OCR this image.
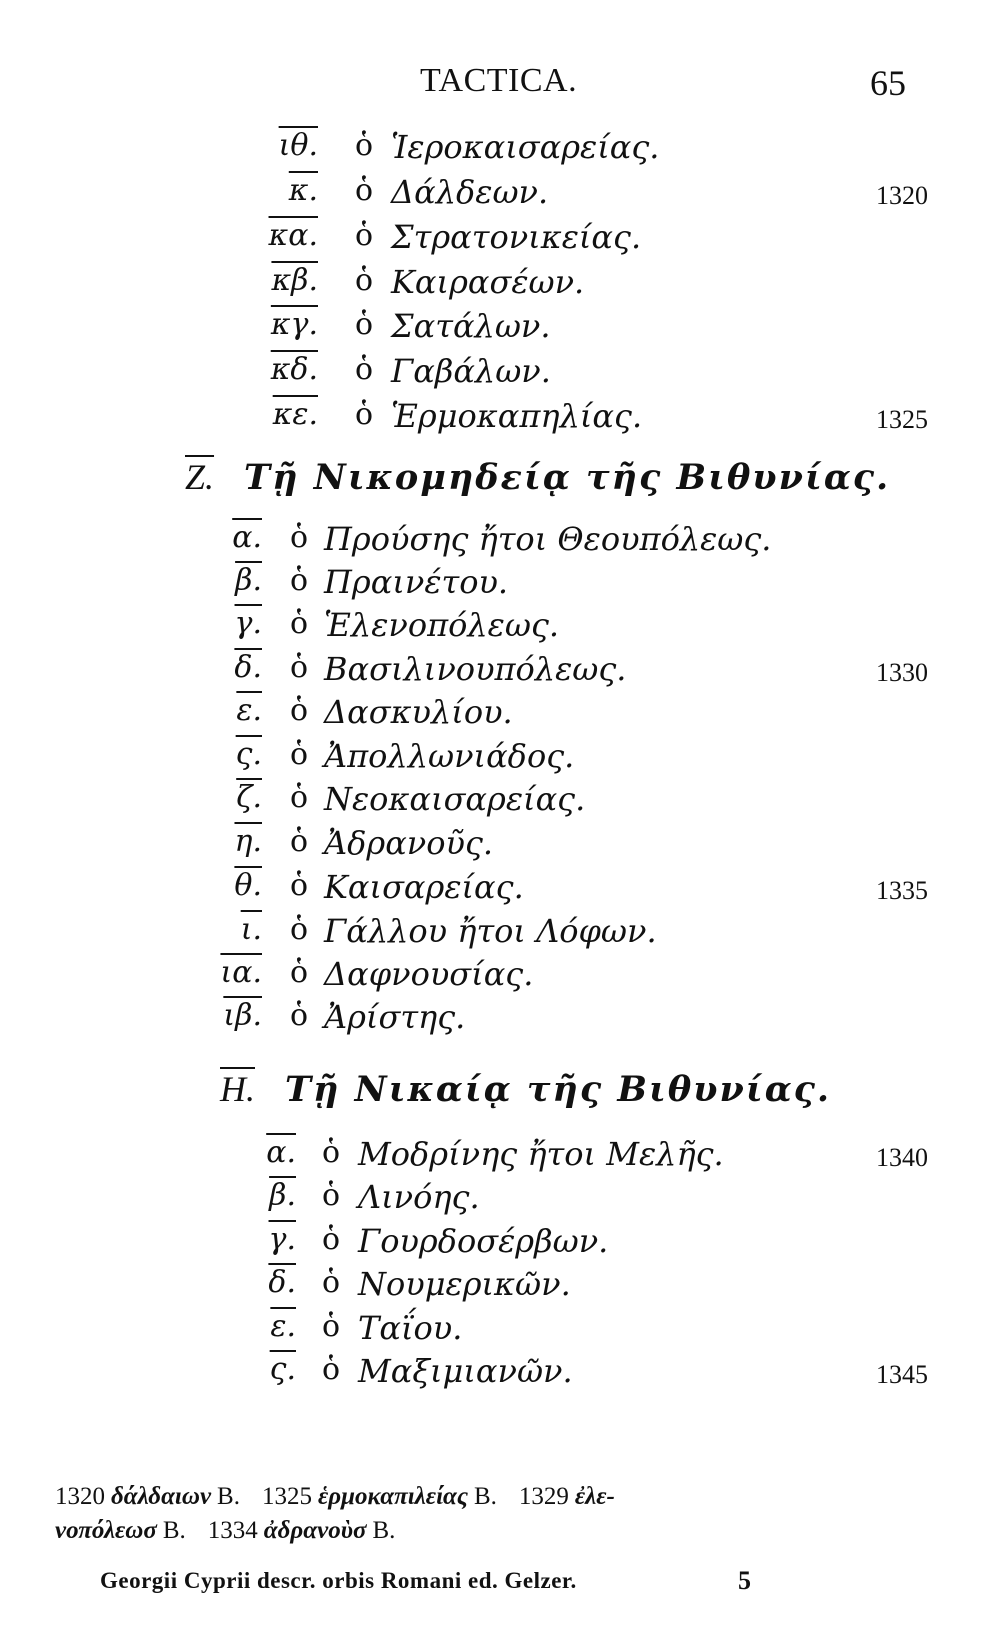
TACTICA.	65
ιθ. ὁ Ἱεροκαισαρείας.
κ. ὁ Δάλδεων.	1320
κα. ὁ Στρατονικείας.
κβ. ὁ Καιρασέων.
κγ. ὁ Σατάλων.
κδ. ὁ Γαβάλων.
κε. ὁ Ἑρμοκαπηλίας.	1325
Ζ. Τῇ Νικομηδείᾳ τῆς Βιθυνίας.
α. ὁ Προύσης ἤτοι Θεουπόλεως.
β. ὁ Πραινέτου.
γ. ὁ Ἑλενοπόλεως.
δ. ὁ Βασιλινουπόλεως.	1330
ε. ὁ Δασκυλίου.
ς. ὁ Ἀπολλωνιάδος.
ζ. ὁ Νεοκαισαρείας.
η. ὁ Ἀδρανοῦς.
θ. ὁ Καισαρείας.	1335
ι. ὁ Γάλλου ἤτοι Λόφων.
ια. ὁ Δαφνουσίας.
ιβ. ὁ Ἀρίστης.
Η. Τῇ Νικαίᾳ τῆς Βιθυνίας.
α. ὁ Μοδρίνης ἤτοι Μελῆς.	1340
β. ὁ Λινόης.
γ. ὁ Γουρδοσέρβων.
δ. ὁ Νουμερικῶν.
ε. ὁ Ταΐου.
ς. ὁ Μαξιμιανῶν.	1345
1320 δάλδαιων B. 1325 ἑρμοκαπιλείας B. 1329 ἐλε-
νοπόλεωσ B. 1334 ἀδρανοὺσ B.
Georgii Cyprii descr. orbis Romani ed. Gelzer.	5
